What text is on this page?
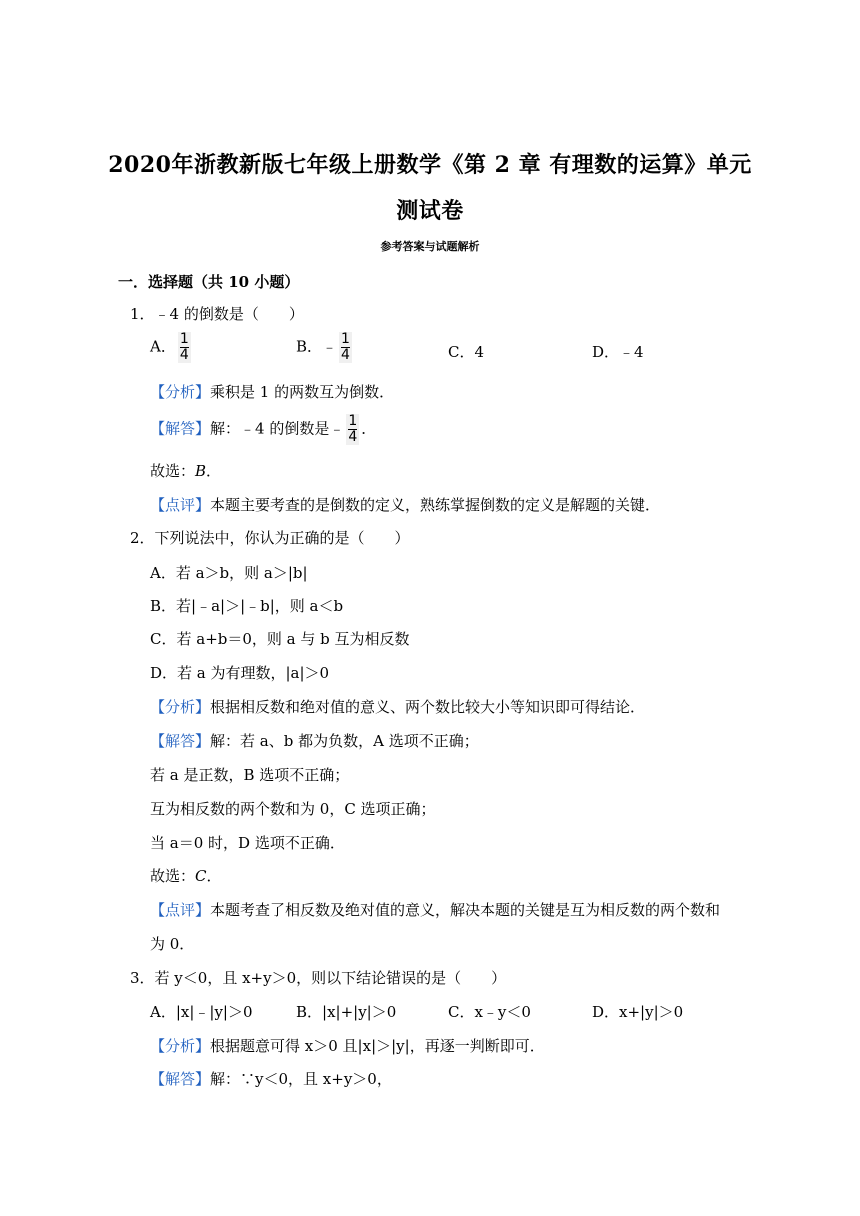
2020年浙教新版七年级上册数学《第 2 章 有理数的运算》单元
测试卷
参考答案与试题解析
一．选择题（共 10 小题）
1．﹣4 的倒数是（　　）
A． $\frac{1}{4}$	B．﹣ $\frac{1}{4}$	C．4	D．﹣4
【分析】乘积是 1 的两数互为倒数．
【解答】解：﹣4 的倒数是﹣ $\frac{1}{4}$ ．
故选：B．
【点评】本题主要考查的是倒数的定义，熟练掌握倒数的定义是解题的关键．
2．下列说法中，你认为正确的是（　　）
A．若 a＞b，则 a＞|b|
B．若|﹣a|＞|﹣b|，则 a＜b
C．若 a+b＝0，则 a 与 b 互为相反数
D．若 a 为有理数，|a|＞0
【分析】根据相反数和绝对值的意义、两个数比较大小等知识即可得结论．
【解答】解：若 a、b 都为负数，A 选项不正确；
若 a 是正数，B 选项不正确；
互为相反数的两个数和为 0，C 选项正确；
当 a＝0 时，D 选项不正确．
故选：C．
【点评】本题考查了相反数及绝对值的意义，解决本题的关键是互为相反数的两个数和
为 0．
3．若 y＜0，且 x+y＞0，则以下结论错误的是（　　）
A．|x|﹣|y|＞0	B．|x|+|y|＞0	C．x﹣y＜0	D．x+|y|＞0
【分析】根据题意可得 x＞0 且|x|＞|y|，再逐一判断即可．
【解答】解：∵y＜0，且 x+y＞0，
